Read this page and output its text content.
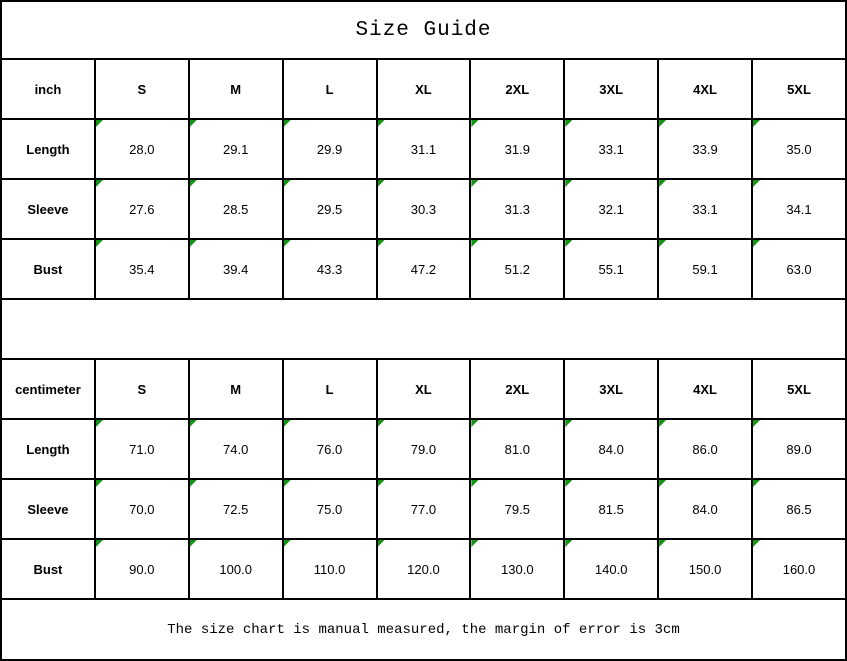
Size Guide								
inch	S	M	L	XL	2XL	3XL	4XL	5XL
Length	28.0	29.1	29.9	31.1	31.9	33.1	33.9	35.0
Sleeve	27.6	28.5	29.5	30.3	31.3	32.1	33.1	34.1
Bust	35.4	39.4	43.3	47.2	51.2	55.1	59.1	63.0

centimeter	S	M	L	XL	2XL	3XL	4XL	5XL
Length	71.0	74.0	76.0	79.0	81.0	84.0	86.0	89.0
Sleeve	70.0	72.5	75.0	77.0	79.5	81.5	84.0	86.5
Bust	90.0	100.0	110.0	120.0	130.0	140.0	150.0	160.0
The size chart is manual measured, the margin of error is 3cm								
